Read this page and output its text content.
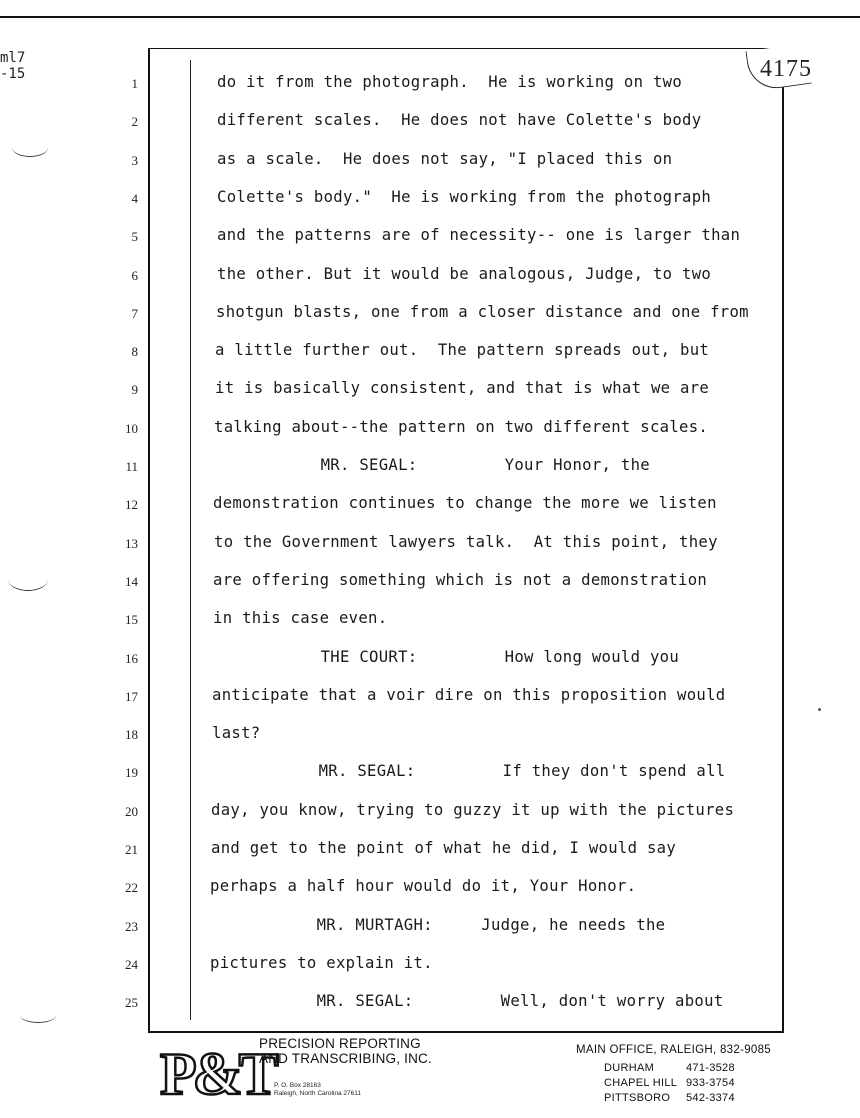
ml7
-15	4175
1	do it from the photograph.  He is working on two
2	different scales.  He does not have Colette's body
3	as a scale.  He does not say, "I placed this on
4	Colette's body."  He is working from the photograph
5	and the patterns are of necessity-- one is larger than
6	the other. But it would be analogous, Judge, to two
7	shotgun blasts, one from a closer distance and one from
8	a little further out.  The pattern spreads out, but
9	it is basically consistent, and that is what we are
10	talking about--the pattern on two different scales.
11	MR. SEGAL:         Your Honor, the
12	demonstration continues to change the more we listen
13	to the Government lawyers talk.  At this point, they
14	are offering something which is not a demonstration
15	in this case even.
16	THE COURT:         How long would you
17	anticipate that a voir dire on this proposition would
18	last?
19	MR. SEGAL:         If they don't spend all
20	day, you know, trying to guzzy it up with the pictures
21	and get to the point of what he did, I would say
22	perhaps a half hour would do it, Your Honor.
23	MR. MURTAGH:     Judge, he needs the
24	pictures to explain it.
25	MR. SEGAL:         Well, don't worry about
P&T
PRECISION REPORTING
AND TRANSCRIBING, INC.
P. O. Box 28163
Raleigh, North Carolina 27611
MAIN OFFICE, RALEIGH, 832-9085
DURHAM	471-3528
CHAPEL HILL 933-3754
PITTSBORO 542-3374
